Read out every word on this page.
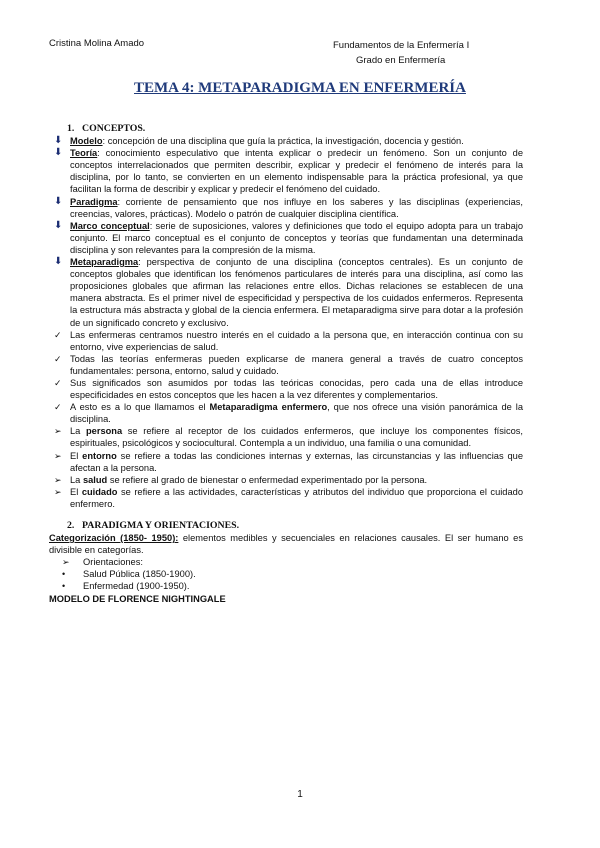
Cristina Molina Amado	Fundamentos de la Enfermería I
Grado en Enfermería
TEMA 4: METAPARADIGMA EN ENFERMERÍA
1. CONCEPTOS.
⬇ Modelo: concepción de una disciplina que guía la práctica, la investigación, docencia y gestión.
⬇ Teoría: conocimiento especulativo que intenta explicar o predecir un fenómeno. Son un conjunto de conceptos interrelacionados que permiten describir, explicar y predecir el fenómeno de interés para la disciplina, por lo tanto, se convierten en un elemento indispensable para la práctica profesional, ya que facilitan la forma de describir y explicar y predecir el fenómeno del cuidado.
⬇ Paradigma: corriente de pensamiento que nos influye en los saberes y las disciplinas (experiencias, creencias, valores, prácticas). Modelo o patrón de cualquier disciplina científica.
⬇ Marco conceptual: serie de suposiciones, valores y definiciones que todo el equipo adopta para un trabajo conjunto. El marco conceptual es el conjunto de conceptos y teorías que fundamentan una determinada disciplina y son relevantes para la compresión de la misma.
⬇ Metaparadigma: perspectiva de conjunto de una disciplina (conceptos centrales). Es un conjunto de conceptos globales que identifican los fenómenos particulares de interés para una disciplina, así como las proposiciones globales que afirman las relaciones entre ellos. Dichas relaciones se establecen de una manera abstracta. Es el primer nivel de especificidad y perspectiva de los cuidados enfermeros. Representa la estructura más abstracta y global de la ciencia enfermera. El metaparadigma sirve para dotar a la profesión de un significado concreto y exclusivo.
✓ Las enfermeras centramos nuestro interés en el cuidado a la persona que, en interacción continua con su entorno, vive experiencias de salud.
✓ Todas las teorías enfermeras pueden explicarse de manera general a través de cuatro conceptos fundamentales: persona, entorno, salud y cuidado.
✓ Sus significados son asumidos por todas las teóricas conocidas, pero cada una de ellas introduce especificidades en estos conceptos que les hacen a la vez diferentes y complementarios.
✓ A esto es a lo que llamamos el Metaparadigma enfermero, que nos ofrece una visión panorámica de la disciplina.
➢ La persona se refiere al receptor de los cuidados enfermeros, que incluye los componentes físicos, espirituales, psicológicos y sociocultural. Contempla a un individuo, una familia o una comunidad.
➢ El entorno se refiere a todas las condiciones internas y externas, las circunstancias y las influencias que afectan a la persona.
➢ La salud se refiere al grado de bienestar o enfermedad experimentado por la persona.
➢ El cuidado se refiere a las actividades, características y atributos del individuo que proporciona el cuidado enfermero.
2. PARADIGMA Y ORIENTACIONES.
Categorización (1850- 1950): elementos medibles y secuenciales en relaciones causales. El ser humano es divisible en categorías.
➢	Orientaciones:
•	Salud Pública (1850-1900).
•	Enfermedad (1900-1950).
MODELO DE FLORENCE NIGHTINGALE
1
